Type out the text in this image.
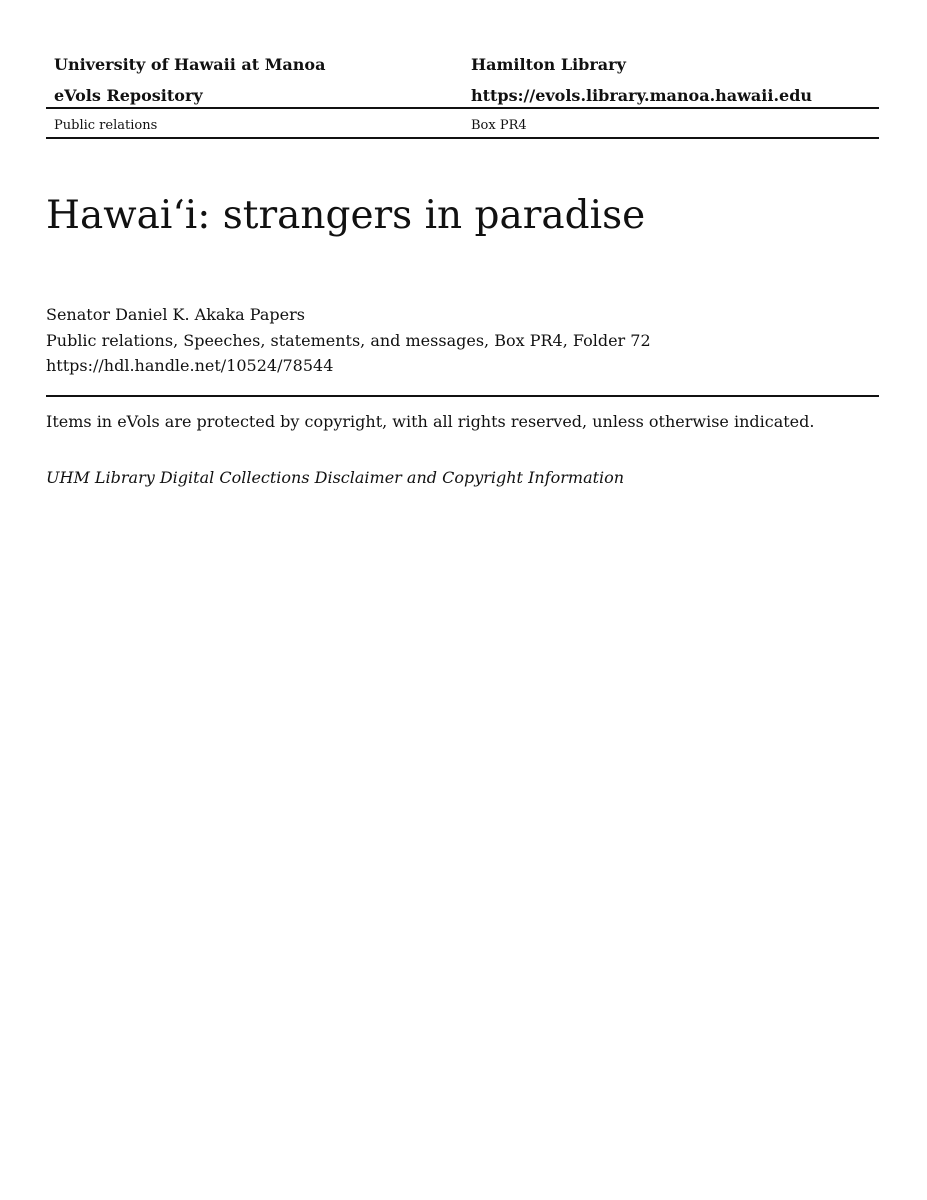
University of Hawaii at Manoa	Hamilton Library
eVols Repository	https://evols.library.manoa.hawaii.edu
Public relations	Box PR4
Hawai‘i: strangers in paradise
Senator Daniel K. Akaka Papers
Public relations, Speeches, statements, and messages, Box PR4, Folder 72
https://hdl.handle.net/10524/78544
Items in eVols are protected by copyright, with all rights reserved, unless otherwise indicated.
UHM Library Digital Collections Disclaimer and Copyright Information
